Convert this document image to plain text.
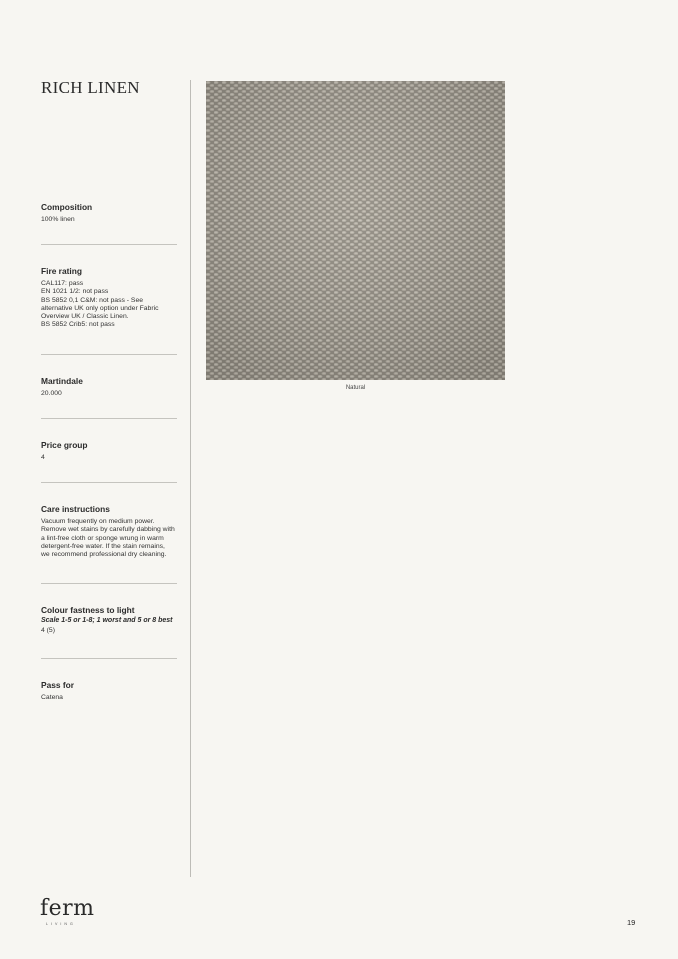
RICH LINEN
Composition
100% linen
Fire rating
CAL117: pass
EN 1021 1/2: not pass
BS 5852 0,1 C&M: not pass - See
alternative UK only option under Fabric
Overview UK / Classic Linen.
BS 5852 Crib5: not pass
Martindale
20.000
Price group
4
Care instructions
Vacuum frequently on medium power.
Remove wet stains by carefully dabbing with
a lint-free cloth or sponge wrung in warm
detergent-free water. If the stain remains,
we recommend professional dry cleaning.
Colour fastness to light
Scale 1-5 or 1-8; 1 worst and 5 or 8 best
4 (5)
Pass for
Catena
Natural
ferm
LIVING	19
